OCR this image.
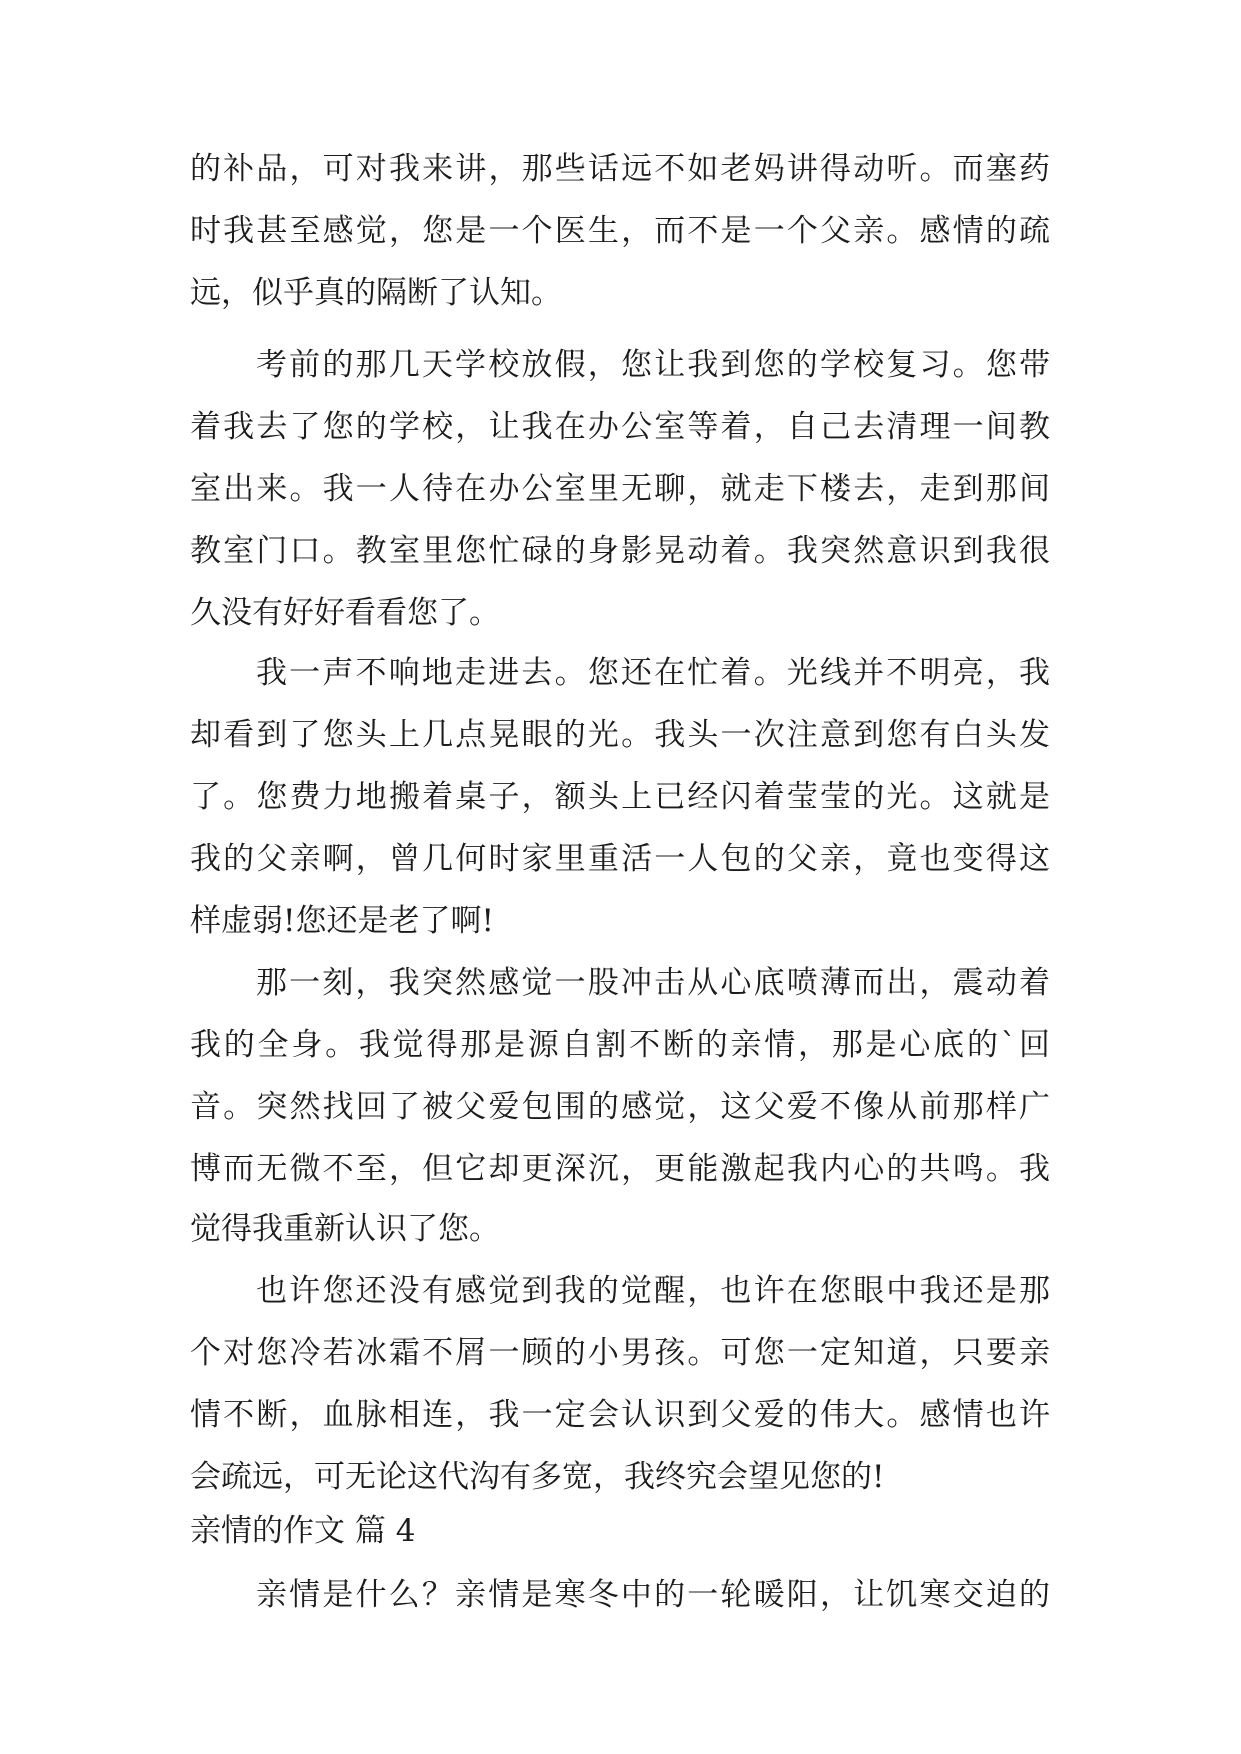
的补品，可对我来讲，那些话远不如老妈讲得动听。而塞药
时我甚至感觉，您是一个医生，而不是一个父亲。感情的疏
远，似乎真的隔断了认知。
考前的那几天学校放假，您让我到您的学校复习。您带
着我去了您的学校，让我在办公室等着，自己去清理一间教
室出来。我一人待在办公室里无聊，就走下楼去，走到那间
教室门口。教室里您忙碌的身影晃动着。我突然意识到我很
久没有好好看看您了。
我一声不响地走进去。您还在忙着。光线并不明亮，我
却看到了您头上几点晃眼的光。我头一次注意到您有白头发
了。您费力地搬着桌子，额头上已经闪着莹莹的光。这就是
我的父亲啊，曾几何时家里重活一人包的父亲，竟也变得这
样虚弱!您还是老了啊!
那一刻，我突然感觉一股冲击从心底喷薄而出，震动着
我的全身。我觉得那是源自割不断的亲情，那是心底的`回
音。突然找回了被父爱包围的感觉，这父爱不像从前那样广
博而无微不至，但它却更深沉，更能激起我内心的共鸣。我
觉得我重新认识了您。
也许您还没有感觉到我的觉醒，也许在您眼中我还是那
个对您冷若冰霜不屑一顾的小男孩。可您一定知道，只要亲
情不断，血脉相连，我一定会认识到父爱的伟大。感情也许
会疏远，可无论这代沟有多宽，我终究会望见您的!
亲情的作文 篇 4
亲情是什么？亲情是寒冬中的一轮暖阳，让饥寒交迫的
